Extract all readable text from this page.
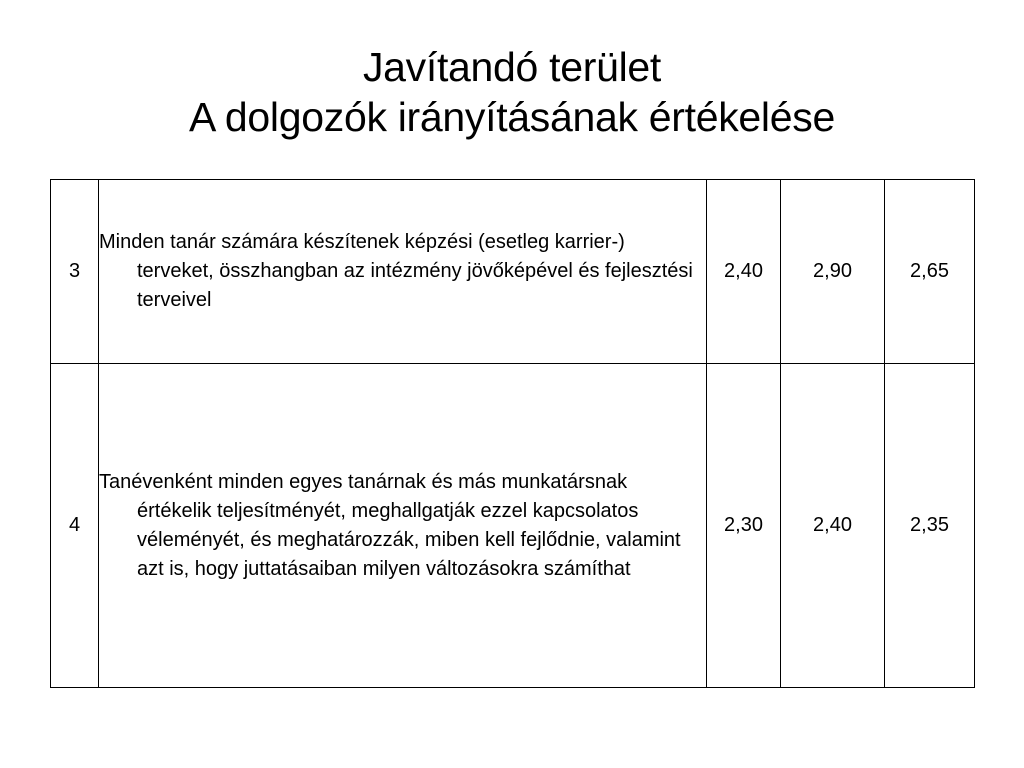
Javítandó terület
A dolgozók irányításának értékelése
3	Minden tanár számára készítenek képzési (esetleg karrier-) terveket, összhangban az intézmény jövőképével és fejlesztési terveivel	2,40	2,90	2,65
4	Tanévenként minden egyes tanárnak és más munkatársnak értékelik teljesítményét, meghallgatják ezzel kapcsolatos véleményét, és meghatározzák, miben kell fejlődnie, valamint azt is, hogy juttatásaiban milyen változásokra számíthat	2,30	2,40	2,35
